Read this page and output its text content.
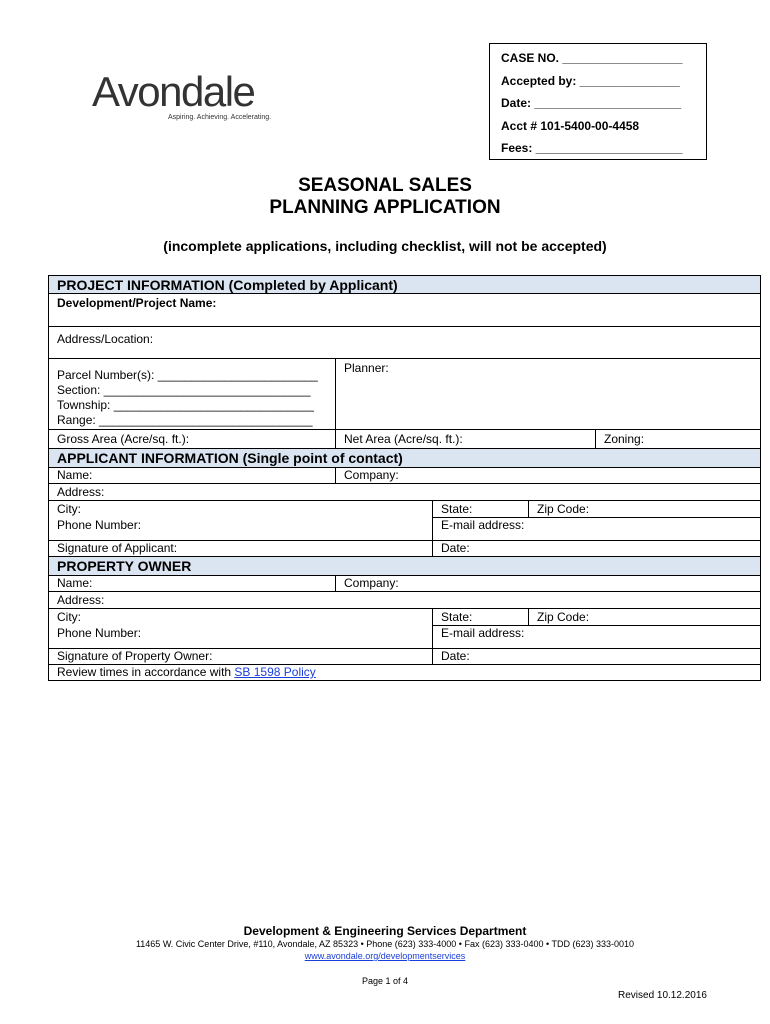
Avondale
Aspiring. Achieving. Accelerating.
CASE NO. __________________
Accepted by: _______________
Date: ______________________
Acct # 101-5400-00-4458
Fees: ______________________
SEASONAL SALES
PLANNING APPLICATION
(incomplete applications, including checklist, will not be accepted)
PROJECT INFORMATION (Completed by Applicant)
Development/Project Name:
Address/Location:
Parcel Number(s): ________________________
Section: _______________________________
Township: ______________________________
Range: ________________________________
Planner:
Gross Area (Acre/sq. ft.):	Net Area (Acre/sq. ft.):	Zoning:
APPLICANT INFORMATION (Single point of contact)
Name:	Company:
Address:
City:	State:	Zip Code:
Phone Number:	E-mail address:
Signature of Applicant:	Date:
PROPERTY OWNER
Name:	Company:
Address:
City:	State:	Zip Code:
Phone Number:	E-mail address:
Signature of Property Owner:	Date:
Review times in accordance with SB 1598 Policy
Development & Engineering Services Department
11465 W. Civic Center Drive, #110, Avondale, AZ 85323 • Phone (623) 333-4000 • Fax (623) 333-0400 • TDD (623) 333-0010
www.avondale.org/developmentservices
Page 1 of 4
Revised 10.12.2016
